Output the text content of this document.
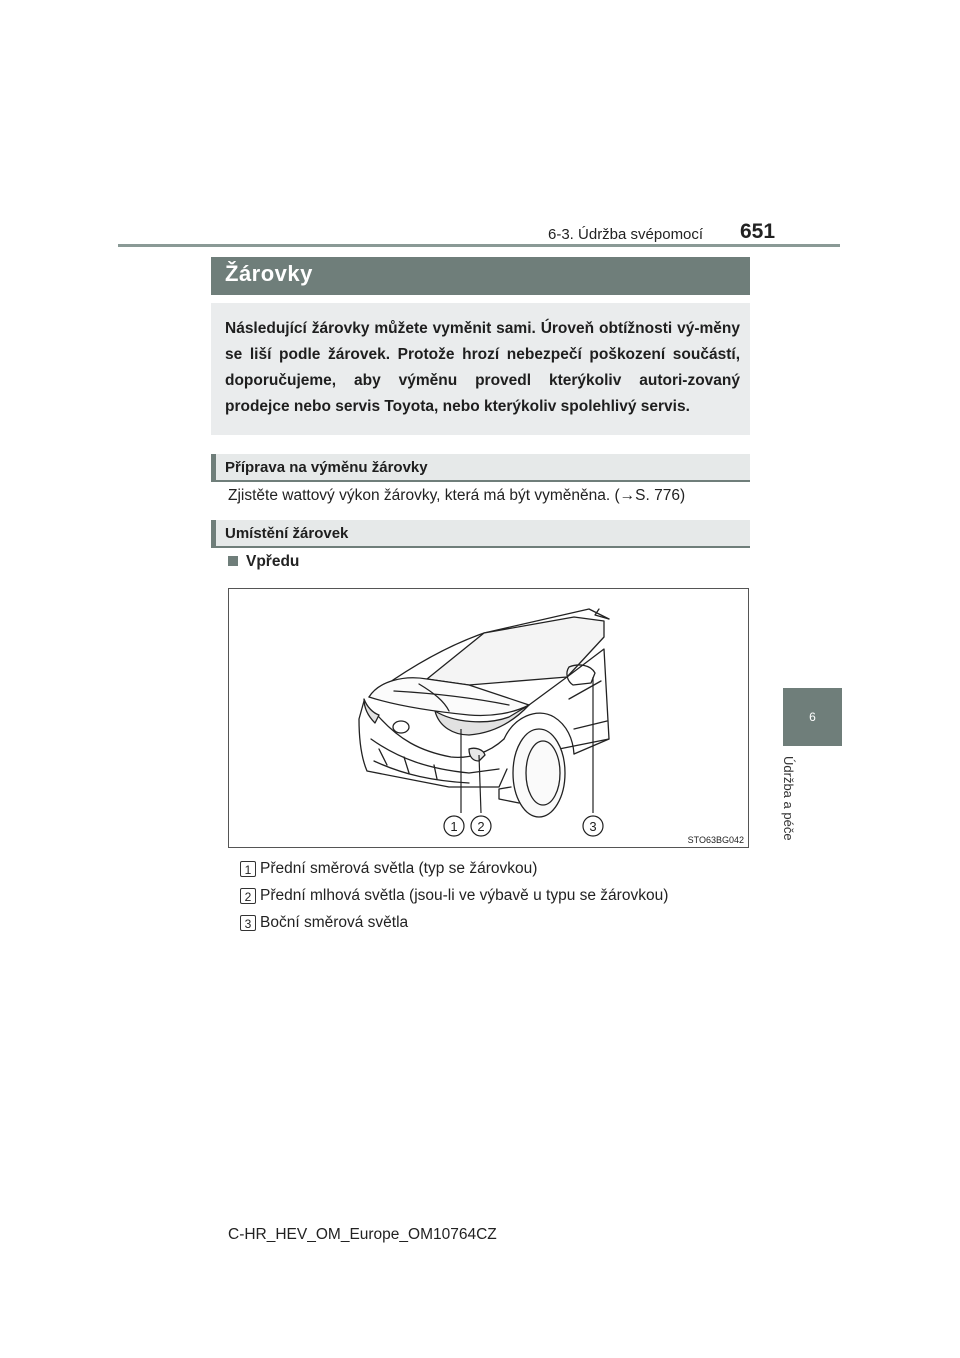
6-3. Údržba svépomocí 651
6
Údržba a péče
Žárovky
Následující žárovky můžete vyměnit sami. Úroveň obtížnosti vý-měny se liší podle žárovek. Protože hrozí nebezpečí poškození součástí, doporučujeme, aby výměnu provedl kterýkoliv autori-zovaný prodejce nebo servis Toyota, nebo kterýkoliv spolehlivý servis.
Příprava na výměnu žárovky
Zjistěte wattový výkon žárovky, která má být vyměněna. (→S. 776)
Umístění žárovek
Vpředu
1 2	3
STO63BG042
1 Přední směrová světla (typ se žárovkou)
2 Přední mlhová světla (jsou-li ve výbavě u typu se žárovkou)
3 Boční směrová světla
C-HR_HEV_OM_Europe_OM10764CZ
